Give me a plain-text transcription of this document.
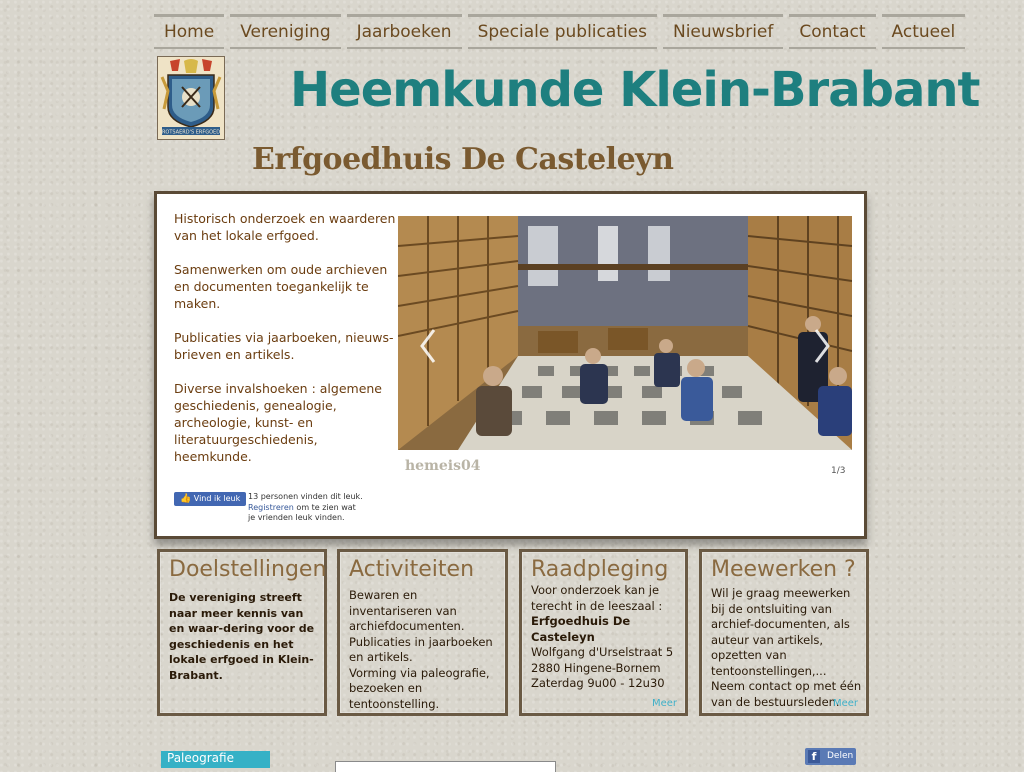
Home	Vereniging	Jaarboeken	Speciale publicaties	Nieuwsbrief	Contact	Actueel
ROTSAERD'S ERFGOED
Heemkunde Klein-Brabant
Erfgoedhuis De Casteleyn

Historisch onderzoek en waarderen van het lokale erfgoed.

Samenwerken om oude archieven en documenten toegankelijk te maken.

Publicaties via jaarboeken, nieuws-brieven en artikels.

Diverse invalshoeken : algemene geschiedenis, genealogie, archeologie, kunst- en literatuurgeschiedenis, heemkunde.

hemeis04	1/3
👍 Vind ik leuk 13 personen vinden dit leuk.
Registreren om te zien wat je vrienden leuk vinden.
Doelstellingen

De vereniging streeft naar meer kennis van en waar-dering voor de geschiedenis en het lokale erfgoed in Klein-Brabant.

Activiteiten

Bewaren en inventariseren van archiefdocumenten.

Publicaties in jaarboeken en artikels.

Vorming via paleografie, bezoeken en tentoonstelling.

Raadpleging

Voor onderzoek kan je terecht in de leeszaal :

Erfgoedhuis De Casteleyn

Wolfgang d'Urselstraat 5

2880 Hingene-Bornem

Zaterdag 9u00 - 12u30

Meer
Meewerken ?

Wil je graag meewerken bij de ontsluiting van archief-documenten, als auteur van artikels, opzetten van tentoonstellingen,...

Neem contact op met één van de bestuursleden.

Meer
Paleografie	f	Delen
